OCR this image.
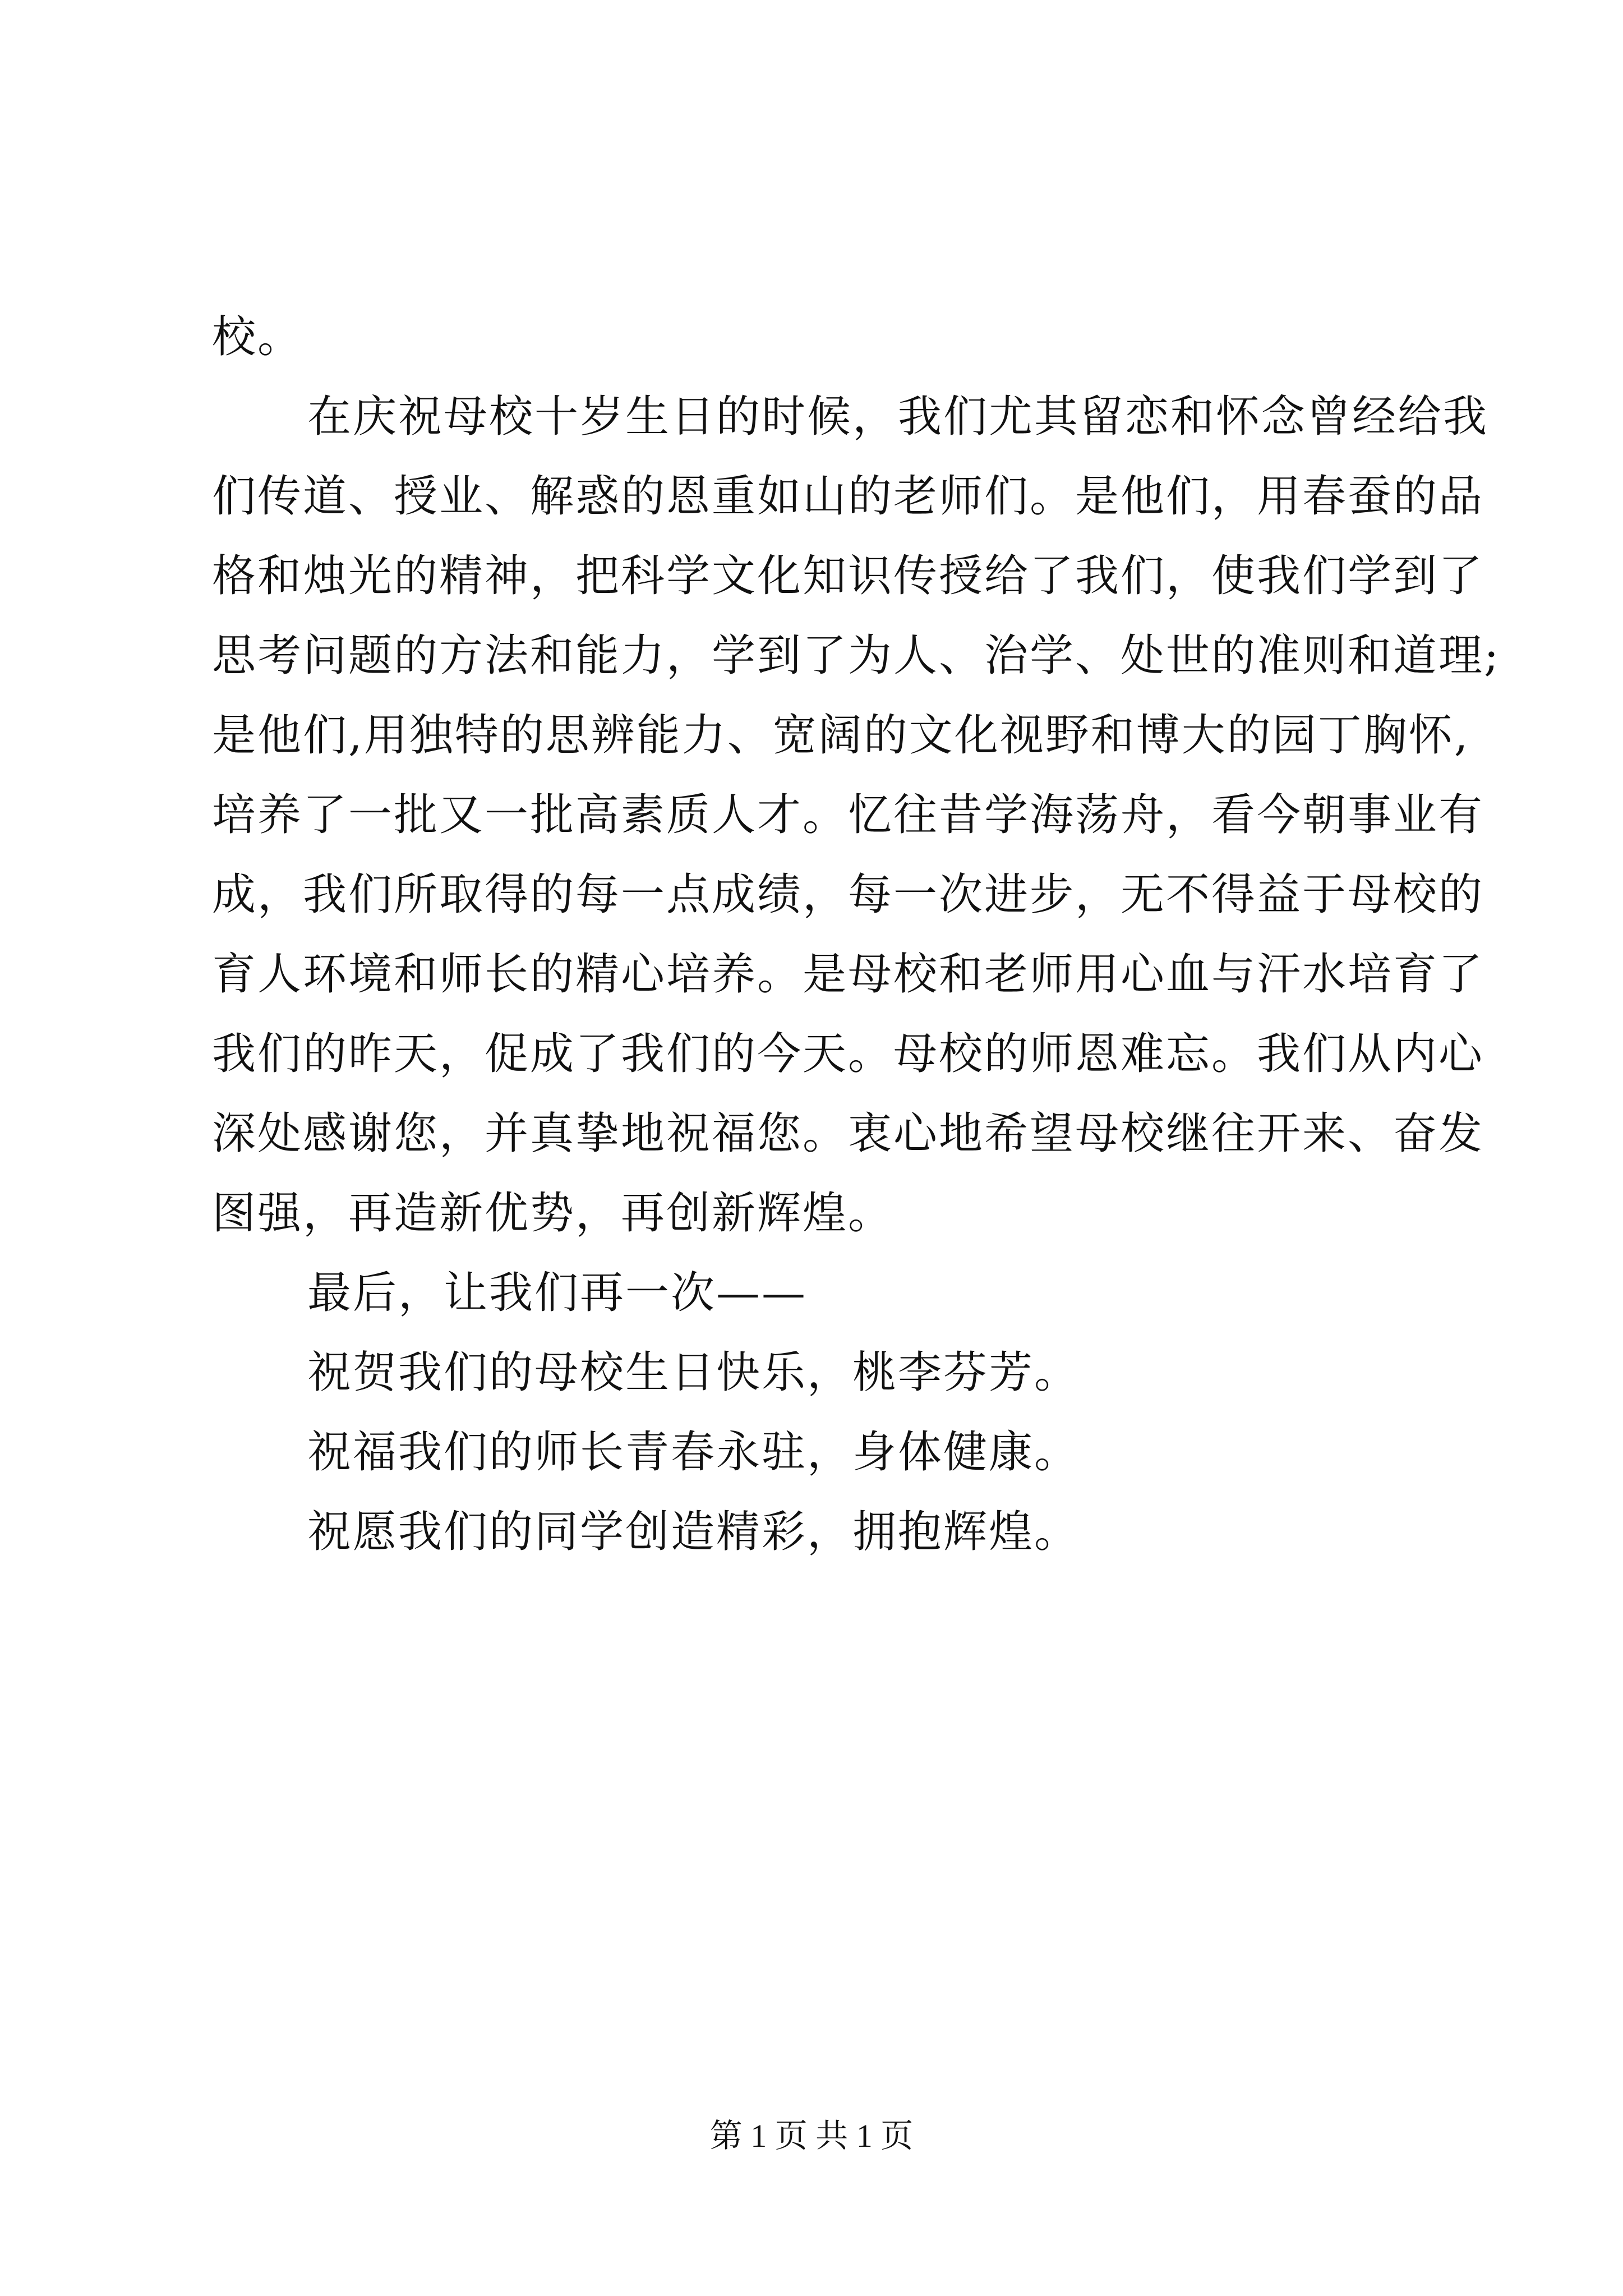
校。
在庆祝母校十岁生日的时候，我们尤其留恋和怀念曾经给我
们传道、授业、解惑的恩重如山的老师们。是他们，用春蚕的品
格和烛光的精神，把科学文化知识传授给了我们，使我们学到了
思考问题的方法和能力，学到了为人、治学、处世的准则和道理;
是他们,用独特的思辨能力、宽阔的文化视野和博大的园丁胸怀,
培养了一批又一批高素质人才。忆往昔学海荡舟，看今朝事业有
成，我们所取得的每一点成绩，每一次进步，无不得益于母校的
育人环境和师长的精心培养。是母校和老师用心血与汗水培育了
我们的昨天，促成了我们的今天。母校的师恩难忘。我们从内心
深处感谢您，并真挚地祝福您。衷心地希望母校继往开来、奋发
图强，再造新优势，再创新辉煌。
最后，让我们再一次——
祝贺我们的母校生日快乐，桃李芬芳。
祝福我们的师长青春永驻，身体健康。
祝愿我们的同学创造精彩，拥抱辉煌。
第 1 页 共 1 页
